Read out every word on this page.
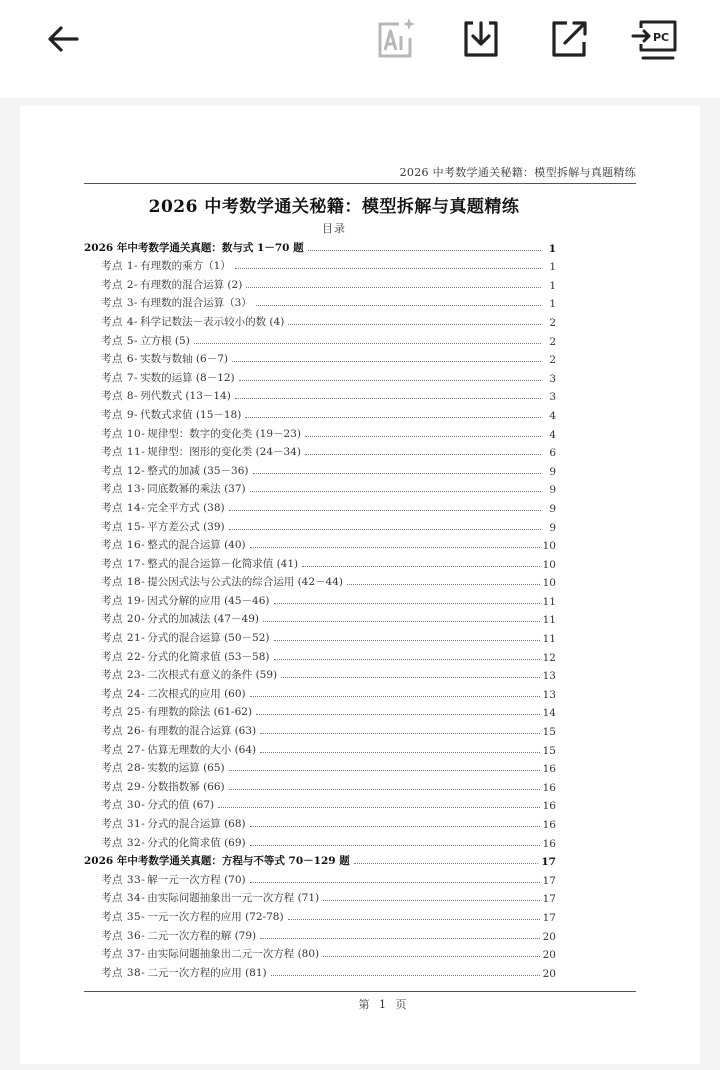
PC
2026 中考数学通关秘籍：模型拆解与真题精练
2026 中考数学通关秘籍：模型拆解与真题精练
目录
2026 年中考数学通关真题：数与式 1－70 题	1
考点 1- 有理数的乘方（1）	1
考点 2- 有理数的混合运算 (2)	1
考点 3- 有理数的混合运算（3）	1
考点 4- 科学记数法－表示较小的数 (4)	2
考点 5- 立方根 (5)	2
考点 6- 实数与数轴 (6－7)	2
考点 7- 实数的运算 (8－12)	3
考点 8- 列代数式 (13－14)	3
考点 9- 代数式求值 (15－18)	4
考点 10- 规律型：数字的变化类 (19－23)	4
考点 11- 规律型：图形的变化类 (24－34)	6
考点 12- 整式的加减 (35－36)	9
考点 13- 同底数幂的乘法 (37)	9
考点 14- 完全平方式 (38)	9
考点 15- 平方差公式 (39)	9
考点 16- 整式的混合运算 (40)	10
考点 17- 整式的混合运算－化简求值 (41)	10
考点 18- 提公因式法与公式法的综合运用 (42－44)	10
考点 19- 因式分解的应用 (45－46)	11
考点 20- 分式的加减法 (47－49)	11
考点 21- 分式的混合运算 (50－52)	11
考点 22- 分式的化简求值 (53－58)	12
考点 23- 二次根式有意义的条件 (59)	13
考点 24- 二次根式的应用 (60)	13
考点 25- 有理数的除法 (61-62)	14
考点 26- 有理数的混合运算 (63)	15
考点 27- 估算无理数的大小 (64)	15
考点 28- 实数的运算 (65)	16
考点 29- 分数指数幂 (66)	16
考点 30- 分式的值 (67)	16
考点 31- 分式的混合运算 (68)	16
考点 32- 分式的化简求值 (69)	16
2026 年中考数学通关真题：方程与不等式 70－129 题	17
考点 33- 解一元一次方程 (70)	17
考点 34- 由实际问题抽象出一元一次方程 (71)	17
考点 35- 一元一次方程的应用 (72-78)	17
考点 36- 二元一次方程的解 (79)	20
考点 37- 由实际问题抽象出二元一次方程 (80)	20
考点 38- 二元一次方程的应用 (81)	20
第 1 页
